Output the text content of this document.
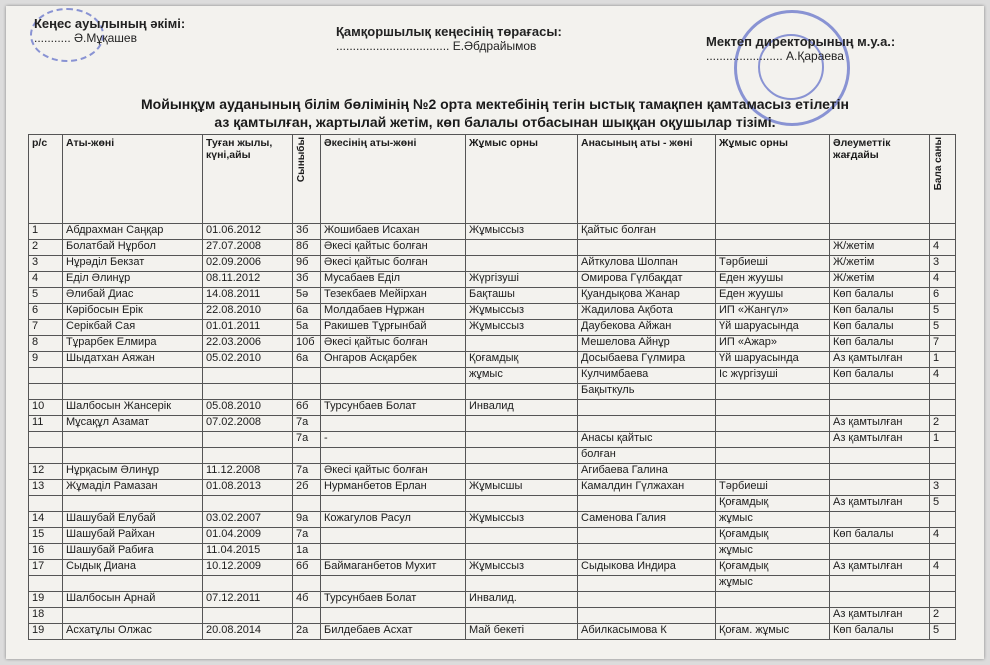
Кеңес ауылының әкімі:
........... Ә.Мұқашев	Қамқоршылық кеңесінің төрағасы:
.................................. Е.Әбдрайымов	Мектеп директорының м.у.а.:
....................... А.Қараева
Мойынқұм ауданының білім бөлімінің №2 орта мектебінің тегін ыстық тамақпен қамтамасыз етілетін
аз қамтылған, жартылай жетім, көп балалы отбасынан шыққан оқушылар тізімі.
р/с	Аты-жөні	Туған жылы, күні,айы	Сыныбы	Әкесінің аты-жөні	Жұмыс орны	Анасының аты - жөні	Жұмыс орны	Әлеуметтік жағдайы	Бала саны

1	Абдрахман Саңқар	01.06.2012	3б	Жошибаев Исахан	Жұмыссыз	Қайтыс болған			
2	Болатбай Нұрбол	27.07.2008	8б	Әкесі қайтыс болған				Ж/жетім	4
3	Нұрәділ Бекзат	02.09.2006	9б	Әкесі қайтыс болған		Айткулова Шолпан	Тәрбиеші	Ж/жетім	3
4	Еділ Әлинұр	08.11.2012	3б	Мусабаев Еділ	Жүргізуші	Омирова Гүлбақдат	Еден жуушы	Ж/жетім	4
5	Әлибай Диас	14.08.2011	5ә	Тезекбаев Мейірхан	Бақташы	Қуандықова Жанар	Еден жуушы	Көп балалы	6
6	Кәрібосын Ерік	22.08.2010	6а	Молдабаев Нұржан	Жұмыссыз	Жадилова Ақбота	ИП «Жангүл»	Көп балалы	5
7	Серікбай Сая	01.01.2011	5а	Ракишев Тұрғынбай	Жұмыссыз	Даубекова Айжан	Үй шаруасында	Көп балалы	5
8	Тұрарбек Елмира	22.03.2006	10б	Әкесі қайтыс болған		Мешелова Айнұр	ИП «Ажар»	Көп балалы	7
9	Шыдатхан Аяжан	05.02.2010	6а	Онгаров Асқарбек	Қоғамдық	Досыбаева Гүлмира	Үй шаруасында	Аз қамтылған	1
					жұмыс	Кулчимбаева	Іс жүргізуші	Көп балалы	4
						Бақыткуль			
10	Шалбосын Жансерік	05.08.2010	6б	Турсунбаев Болат	Инвалид				
11	Мұсақұл Азамат	07.02.2008	7а					Аз қамтылған	2
			7а	-		Анасы қайтыс		Аз қамтылған	1
						болған			
12	Нұрқасым Әлинұр	11.12.2008	7а	Әкесі қайтыс болған		Агибаева Галина			
13	Жұмаділ Рамазан	01.08.2013	2б	Нурманбетов Ерлан	Жұмысшы	Камалдин Гүлжахан	Тәрбиеші		3
							Қоғамдық	Аз қамтылған	5
14	Шашубай Елубай	03.02.2007	9а	Кожагулов Расул	Жұмыссыз	Саменова Галия	жұмыс		
15	Шашубай Райхан	01.04.2009	7а				Қоғамдық	Көп балалы	4
16	Шашубай Рабиға	11.04.2015	1а				жұмыс		
17	Сыдық Диана	10.12.2009	6б	Баймаганбетов Мухит	Жұмыссыз	Сыдыкова Индира	Қоғамдық	Аз қамтылған	4
							жұмыс		
19	Шалбосын Арнай	07.12.2011	4б	Турсунбаев Болат	Инвалид.				
18								Аз қамтылған	2
19	Асхатұлы Олжас	20.08.2014	2а	Билдебаев Асхат	Май бекеті	Абилкасымова К	Қоғам. жұмыс	Көп балалы	5
